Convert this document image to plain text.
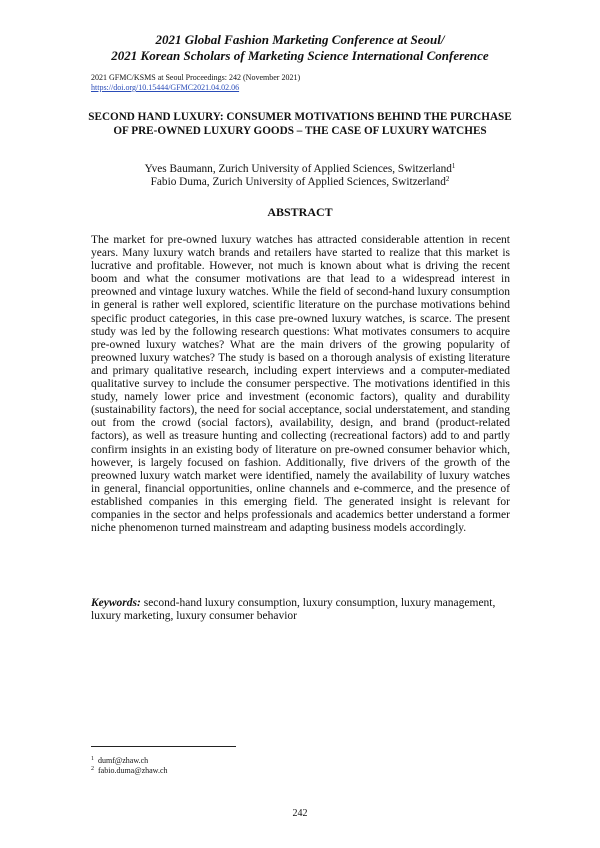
2021 Global Fashion Marketing Conference at Seoul/
2021 Korean Scholars of Marketing Science International Conference
2021 GFMC/KSMS at Seoul Proceedings: 242 (November 2021)
https://doi.org/10.15444/GFMC2021.04.02.06
SECOND HAND LUXURY: CONSUMER MOTIVATIONS BEHIND THE PURCHASE OF PRE-OWNED LUXURY GOODS – THE CASE OF LUXURY WATCHES
Yves Baumann, Zurich University of Applied Sciences, Switzerland$^1$
Fabio Duma, Zurich University of Applied Sciences, Switzerland$^2$
ABSTRACT

The market for pre-owned luxury watches has attracted considerable attention in recent years. Many luxury watch brands and retailers have started to realize that this market is lucrative and profitable. However, not much is known about what is driving the recent boom and what the consumer motivations are that lead to a widespread interest in preowned and vintage luxury watches. While the field of second-hand luxury consumption in general is rather well explored, scientific literature on the purchase motivations behind specific product categories, in this case pre-owned luxury watches, is scarce. The present study was led by the following research questions: What motivates consumers to acquire pre-owned luxury watches? What are the main drivers of the growing popularity of preowned luxury watches? The study is based on a thorough analysis of existing literature and primary qualitative research, including expert interviews and a computer-mediated qualitative survey to include the consumer perspective. The motivations identified in this study, namely lower price and investment (economic factors), quality and durability (sustainability factors), the need for social acceptance, social understatement, and standing out from the crowd (social factors), availability, design, and brand (product-related factors), as well as treasure hunting and collecting (recreational factors) add to and partly confirm insights in an existing body of literature on pre-owned consumer behavior which, however, is largely focused on fashion. Additionally, five drivers of the growth of the preowned luxury watch market were identified, namely the availability of luxury watches in general, financial opportunities, online channels and e-commerce, and the presence of established companies in this emerging field. The generated insight is relevant for companies in the sector and helps professionals and academics better understand a former niche phenomenon turned mainstream and adapting business models accordingly.

Keywords: second-hand luxury consumption, luxury consumption, luxury management, luxury marketing, luxury consumer behavior

$^1$ dumf@zhaw.ch
$^2$ fabio.duma@zhaw.ch
242
